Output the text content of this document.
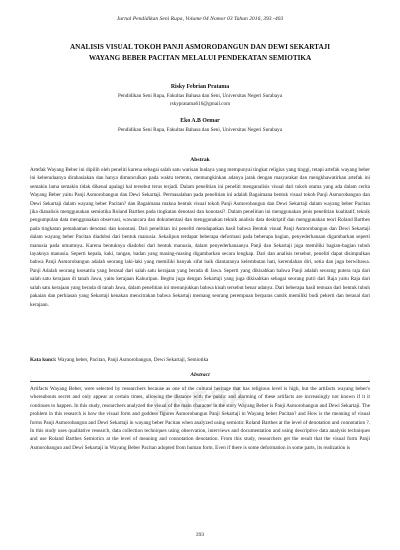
Jurnal Pendidikan Seni Rupa, Volume 04 Nomor 03 Tahun 2016, 393 -403
ANALISIS VISUAL TOKOH PANJI ASMORODANGUN DAN DEWI SEKARTAJI
WAYANG BEBER PACITAN MELALUI PENDEKATAN SEMIOTIKA
Risky Febrian Pratama
Pendidikan Seni Rupa, Fakultas Bahasa dan Seni, Universitas Negeri Surabaya
rskypratama616@gmail.com
Eko A.B Oemar
Pendidikan Seni Rupa, Fakultas Bahasa dan Seni, Universitas Negeri Surabaya
Abstrak
Artefak Wayang Beber ini dipilih oleh peneliti karena sebagai salah satu warisan budaya yang mempunyai tingkat religius yang tinggi, tetapi artefak wayang beber ini keberadaanya dirahasiakan dan hanya dimunculkan pada waktu tertentu, memungkinkan adanya jarak dengan masyarakat dan mengkhawatirkan artefak ini semakin lama semakin tidak dikenal apalagi hal tersebut terus terjadi. Dalam penelitian ini peneliti menganalisis visual dari tokoh utama yang ada dalam cerita Wayang Beber yaitu Panji Asmorobangun dan Dewi Sekartaji. Permasalahan pada penelitian ini adalah Bagaimana bentuk visual tokoh Panji Asmorobangun dan Dewi Sekartaji dalam wayang beber Pacitan? dan Bagaimana makna bentuk visual tokoh Panji Asmorobangun dan Dewi Sekartaji dalam wayang beber Pacitan jika dianalisis menggunakan semiotika Roland Barthes pada tingkatan denotasi dan konotasi?. Dalam penelitian ini menggunakan jenis penelitian kualitatif, teknik pengumpulan data menggunakan observasi, wawancara dan dokumentasi dan menggunakan teknik analisis data deskriptif dan menggunakan teori Roland Barthes pada tingkatan pemahaman denotasi dan konotasi. Dari penelitian ini peneliti mendapatkan hasil bahwa Bentuk visual Panji Asmorobangun dan Dewi Sekartaji dalam wayang beber Pacitan diadobsi dari bentuk manusia. Sekalipun terdapat beberapa deformasi pada beberapa bagian, penyederhanaan digambarkan seperti manusia pada umumnya. Karena bentuknya diadobsi dari bentuk manusia, dalam penyederhanaanya Panji dan Sekartaji juga memiliki bagian-bagian tubuh layaknya manusia. Seperti kepala, kaki, tangan, badan yang masing-masing digambarkan secara lengkap. Dari dan analisis tersebut, peneliti dapat disimpulkan bahwa Panji Asmorobangun adalah seorang laki-laki yang memiliki banyak sifat baik diantaranya kelembutan hati, kerendahan diri, setia dan juga berwibawa. Panji Adalah seorang ksesatria yang berasal dari salah satu kerajaan yang berada di Jawa. Seperti yang dikisahkan bahwa Panji adalah seorang putera raja dari salah satu kerajaan di tanah Jawa, yaitu kerajaan Kahuripan. Begitu juga dengan Sekartaji yang juga dikisahkan sebagai seorang putri dari Raja yaitu Raja dari salah satu kerajaan yang berada di tanah Jawa, dalam penelitian ini menunjukkan bahwa kisah tersebut benar adanya. Dari beberapa hasil temuan dari bentuk tubuh pakaian dan perhiasan yang Sekartaji kenakan mencitrakan bahwa Sekartaji memang seorang perempuan berparas cantik memiliki budi pekerti dan berasal dari kerajaan.
Kata kunci: Wayang beber, Pacitan, Panji Asmorobangun, Dewi Sekartaji, Semiotika
Abstract
UNESA
Artifacts Wayang Beber, were selected by researchers because as one of the cultural heritage that has religious level is high, but the artifacts wayang beber's whereabouts secret and only appear at certain times, allowing the distance with the public and alarming of these artifacts are increasingly not known if it it continues to happen. In this study, researchers analyzed the visual of the main character in the story Wayang Beber is Panji Asmorobangun and Dewi Sekartaji. The problem in this research is how the visual form and goddess figures Asmorobangun Panji Sekartaji in Wayang beber Pacitan? and How is the meaning of visual forms Panji Asmorobangun and Dewi Sekartaji in wayang beber Pacitan when analyzed using semiotic Roland Barthes at the level of denotation and connotation ?. In this study uses qualitative research, data collection techniques using observation, interviews and documentation and using descriptive data analysis techniques and use Roland Barthes Semiotics at the level of meaning and connotation denotation. From this study, researchers get the result that the visual form Panji Asmorobangun and Dewi Sekartaji in Wayang Beber Pacitan adopted from human form. Even if there is some deformation in some parts, its realization is
393
